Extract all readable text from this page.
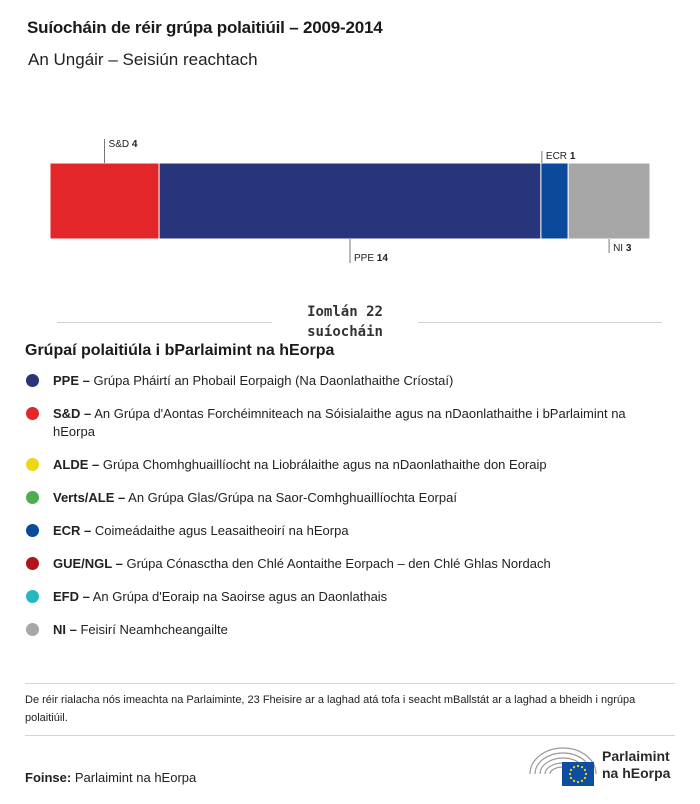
Suíocháin de réir grúpa polaitiúil – 2009-2014
An Ungáir – Seisiún reachtach
S&D 4
PPE 14
ECR 1
NI 3
Iomlán 22 suíocháin
Grúpaí polaitiúla i bParlaimint na hEorpa
PPE – Grúpa Pháirtí an Phobail Eorpaigh (Na Daonlathaithe Críostaí)
S&D – An Grúpa d'Aontas Forchéimniteach na Sóisialaithe agus na nDaonlathaithe i bParlaimint na hEorpa
ALDE – Grúpa Chomhghuaillíocht na Liobrálaithe agus na nDaonlathaithe don Eoraip
Verts/ALE – An Grúpa Glas/Grúpa na Saor-Comhghuaillíochta Eorpaí
ECR – Coimeádaithe agus Leasaitheoirí na hEorpa
GUE/NGL – Grúpa Cónasctha den Chlé Aontaithe Eorpach – den Chlé Ghlas Nordach
EFD – An Grúpa d'Eoraip na Saoirse agus an Daonlathais
NI – Feisirí Neamhcheangailte
De réir rialacha nós imeachta na Parlaiminte, 23 Fheisire ar a laghad atá tofa i seacht mBallstát ar a laghad a bheidh i ngrúpa polaitiúil.
Foinse: Parlaimint na hEorpa
Parlaimint
na hEorpa
